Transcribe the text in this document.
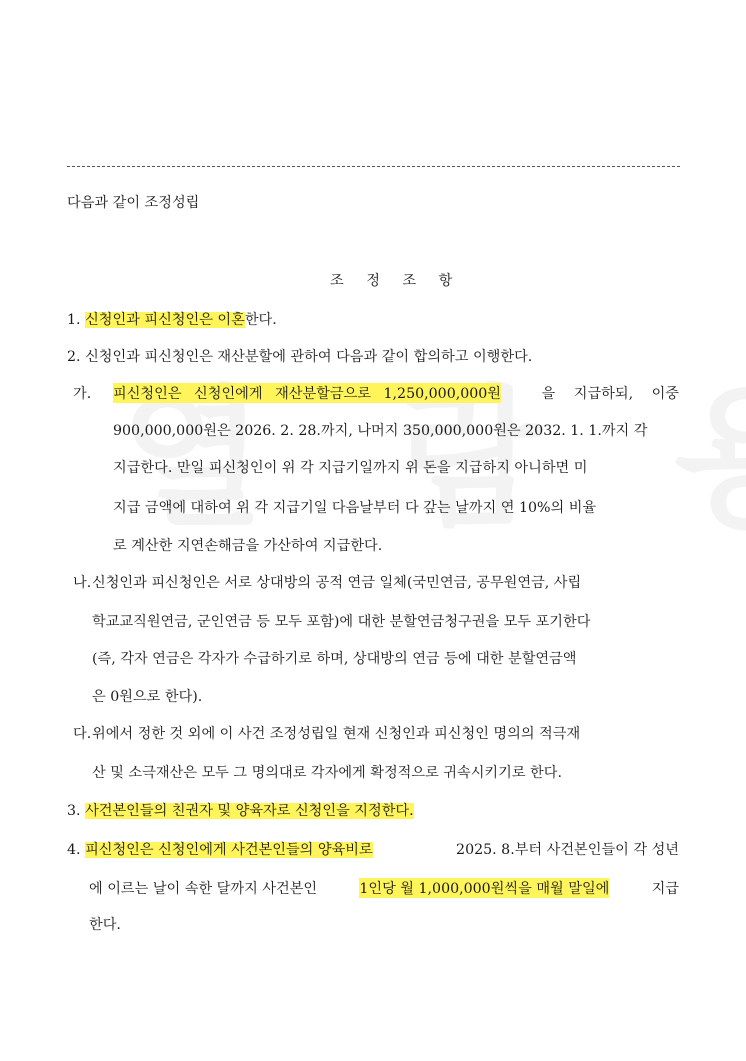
다음과 같이 조정성립
조 정 조 항
1. 신청인과 피신청인은 이혼한다.
2. 신청인과 피신청인은 재산분할에 관하여 다음과 같이 합의하고 이행한다.
가. 피신청인은 신청인에게 재산분할금으로 1,250,000,000원	을 지급하되, 이중
900,000,000원은 2026. 2. 28.까지, 나머지 350,000,000원은 2032. 1. 1.까지 각
지급한다. 만일 피신청인이 위 각 지급기일까지 위 돈을 지급하지 아니하면 미
지급 금액에 대하여 위 각 지급기일 다음날부터 다 갚는 날까지 연 10%의 비율
로 계산한 지연손해금을 가산하여 지급한다.
나. 신청인과 피신청인은 서로 상대방의 공적 연금 일체(국민연금, 공무원연금, 사립
학교교직원연금, 군인연금 등 모두 포함)에 대한 분할연금청구권을 모두 포기한다
(즉, 각자 연금은 각자가 수급하기로 하며, 상대방의 연금 등에 대한 분할연금액
은 0원으로 한다).
다. 위에서 정한 것 외에 이 사건 조정성립일 현재 신청인과 피신청인 명의의 적극재
산 및 소극재산은 모두 그 명의대로 각자에게 확정적으로 귀속시키기로 한다.
3. 사건본인들의 친권자 및 양육자로 신청인을 지정한다.
4. 피신청인은 신청인에게 사건본인들의 양육비로	2025. 8.부터 사건본인들이 각 성년
에 이르는 날이 속한 달까지 사건본인	1인당 월 1,000,000원씩을 매월 말일에	지급
한다.
